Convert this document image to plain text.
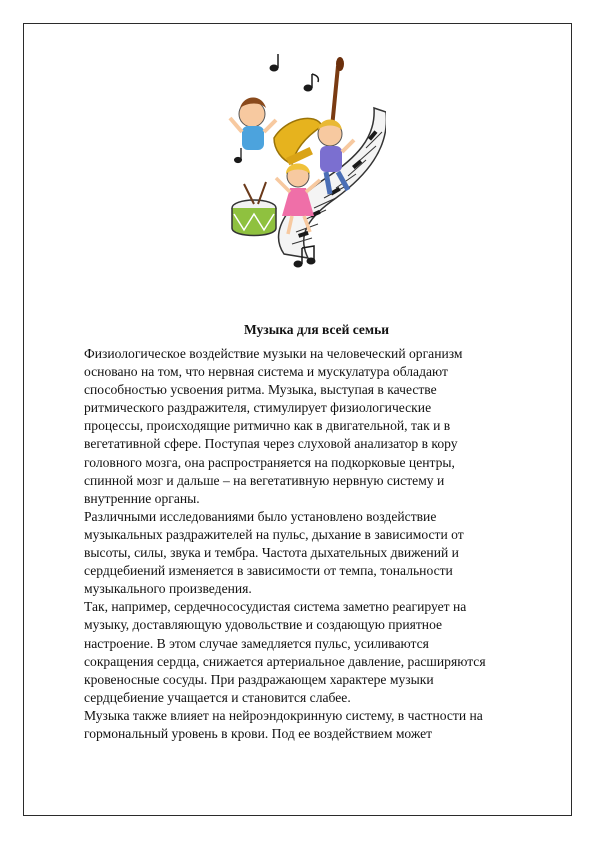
Музыка для всей семьи
Физиологическое воздействие музыки на человеческий организм
основано на том, что нервная система и мускулатура обладают
способностью усвоения ритма. Музыка, выступая в качестве
ритмического раздражителя, стимулирует физиологические
процессы, происходящие ритмично как в двигательной, так и в
вегетативной сфере. Поступая через слуховой анализатор в кору
головного мозга, она распространяется на подкорковые центры,
спинной мозг и дальше – на вегетативную нервную систему и
внутренние органы.
Различными исследованиями было установлено воздействие
музыкальных раздражителей на пульс, дыхание в зависимости от
высоты, силы, звука и тембра. Частота дыхательных движений и
сердцебиений изменяется в зависимости от темпа, тональности
музыкального произведения.
Так, например, сердечнососудистая система заметно реагирует на
музыку, доставляющую удовольствие и создающую приятное
настроение. В этом случае замедляется пульс, усиливаются
сокращения сердца, снижается артериальное давление, расширяются
кровеносные сосуды. При раздражающем характере музыки
сердцебиение учащается и становится слабее.
Музыка также влияет на нейроэндокринную систему, в частности на
гормональный уровень в крови. Под ее воздействием может
